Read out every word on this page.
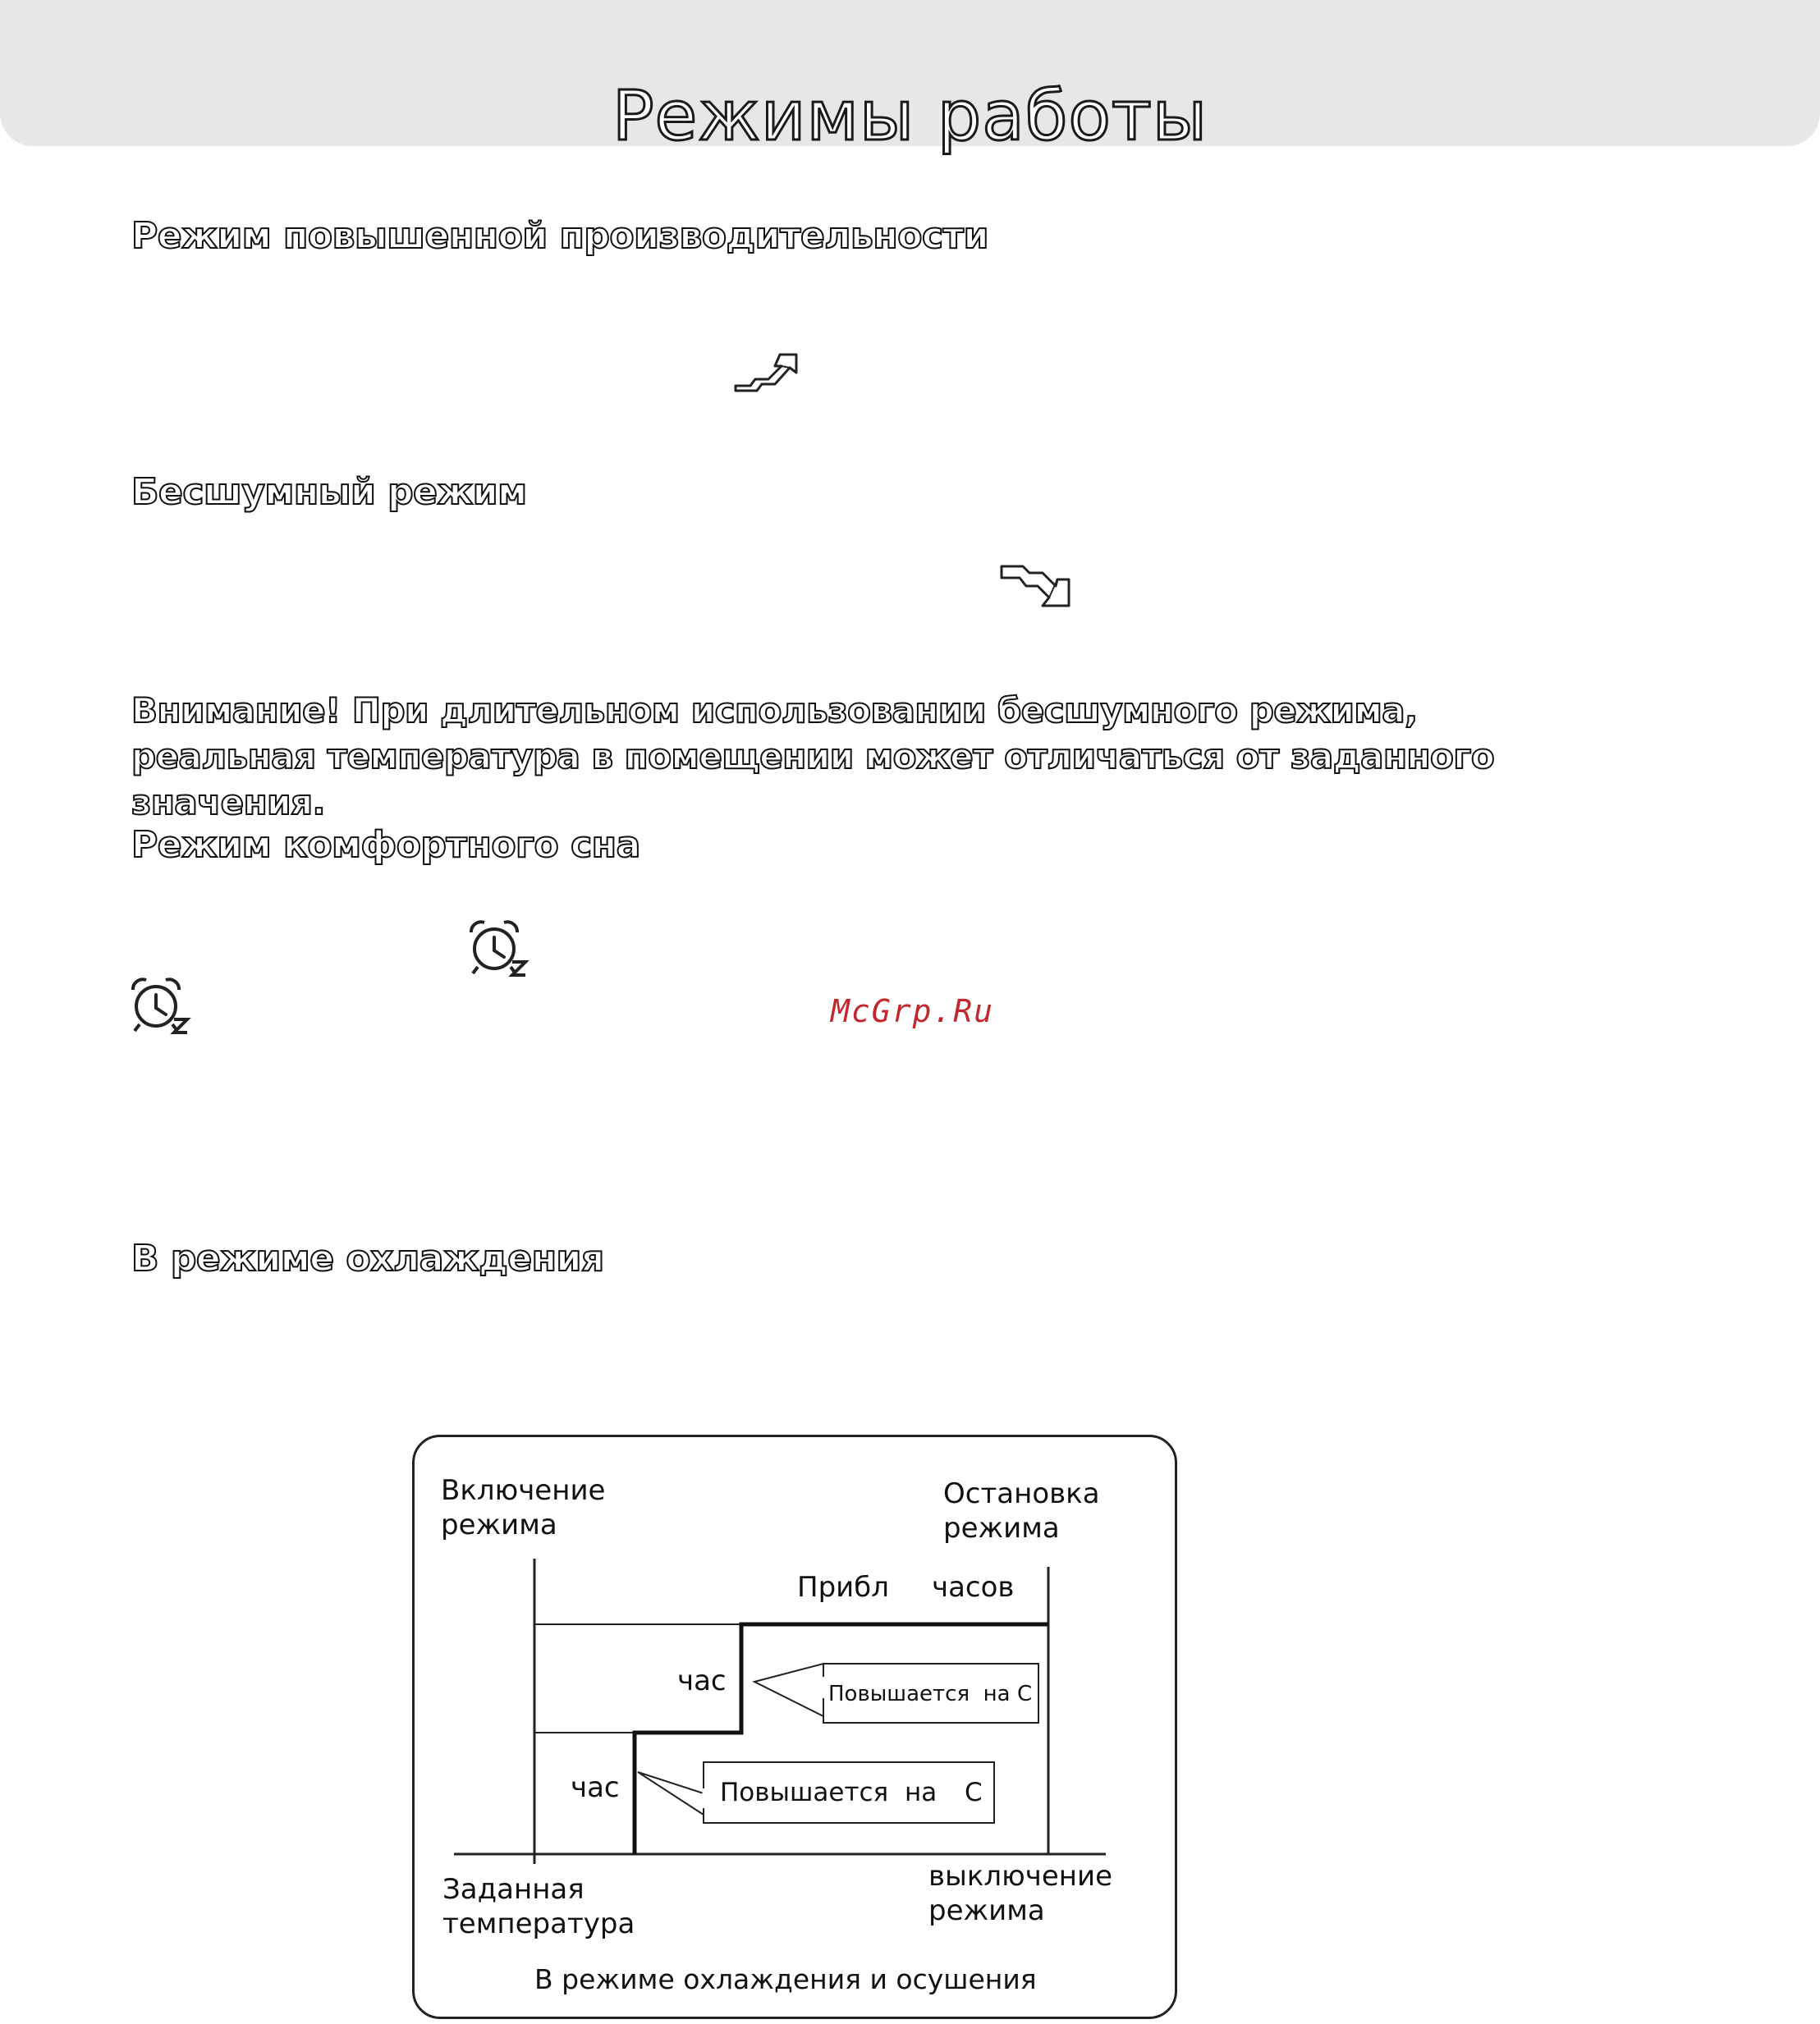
Режимы работы
Режим повышенной производительности
Бесшумный режим

Внимание! При длительном использовании бесшумного режима, реальная температура в помещении может отличаться от заданного значения.

Режим комфортного сна
McGrp.Ru
В режиме охлаждения
Включение
режима
Остановка
режима
Прибл часов
час
час
Повышается на С
Повышается на С
Заданная
температура
выключение
режима
В режиме охлаждения и осушения
